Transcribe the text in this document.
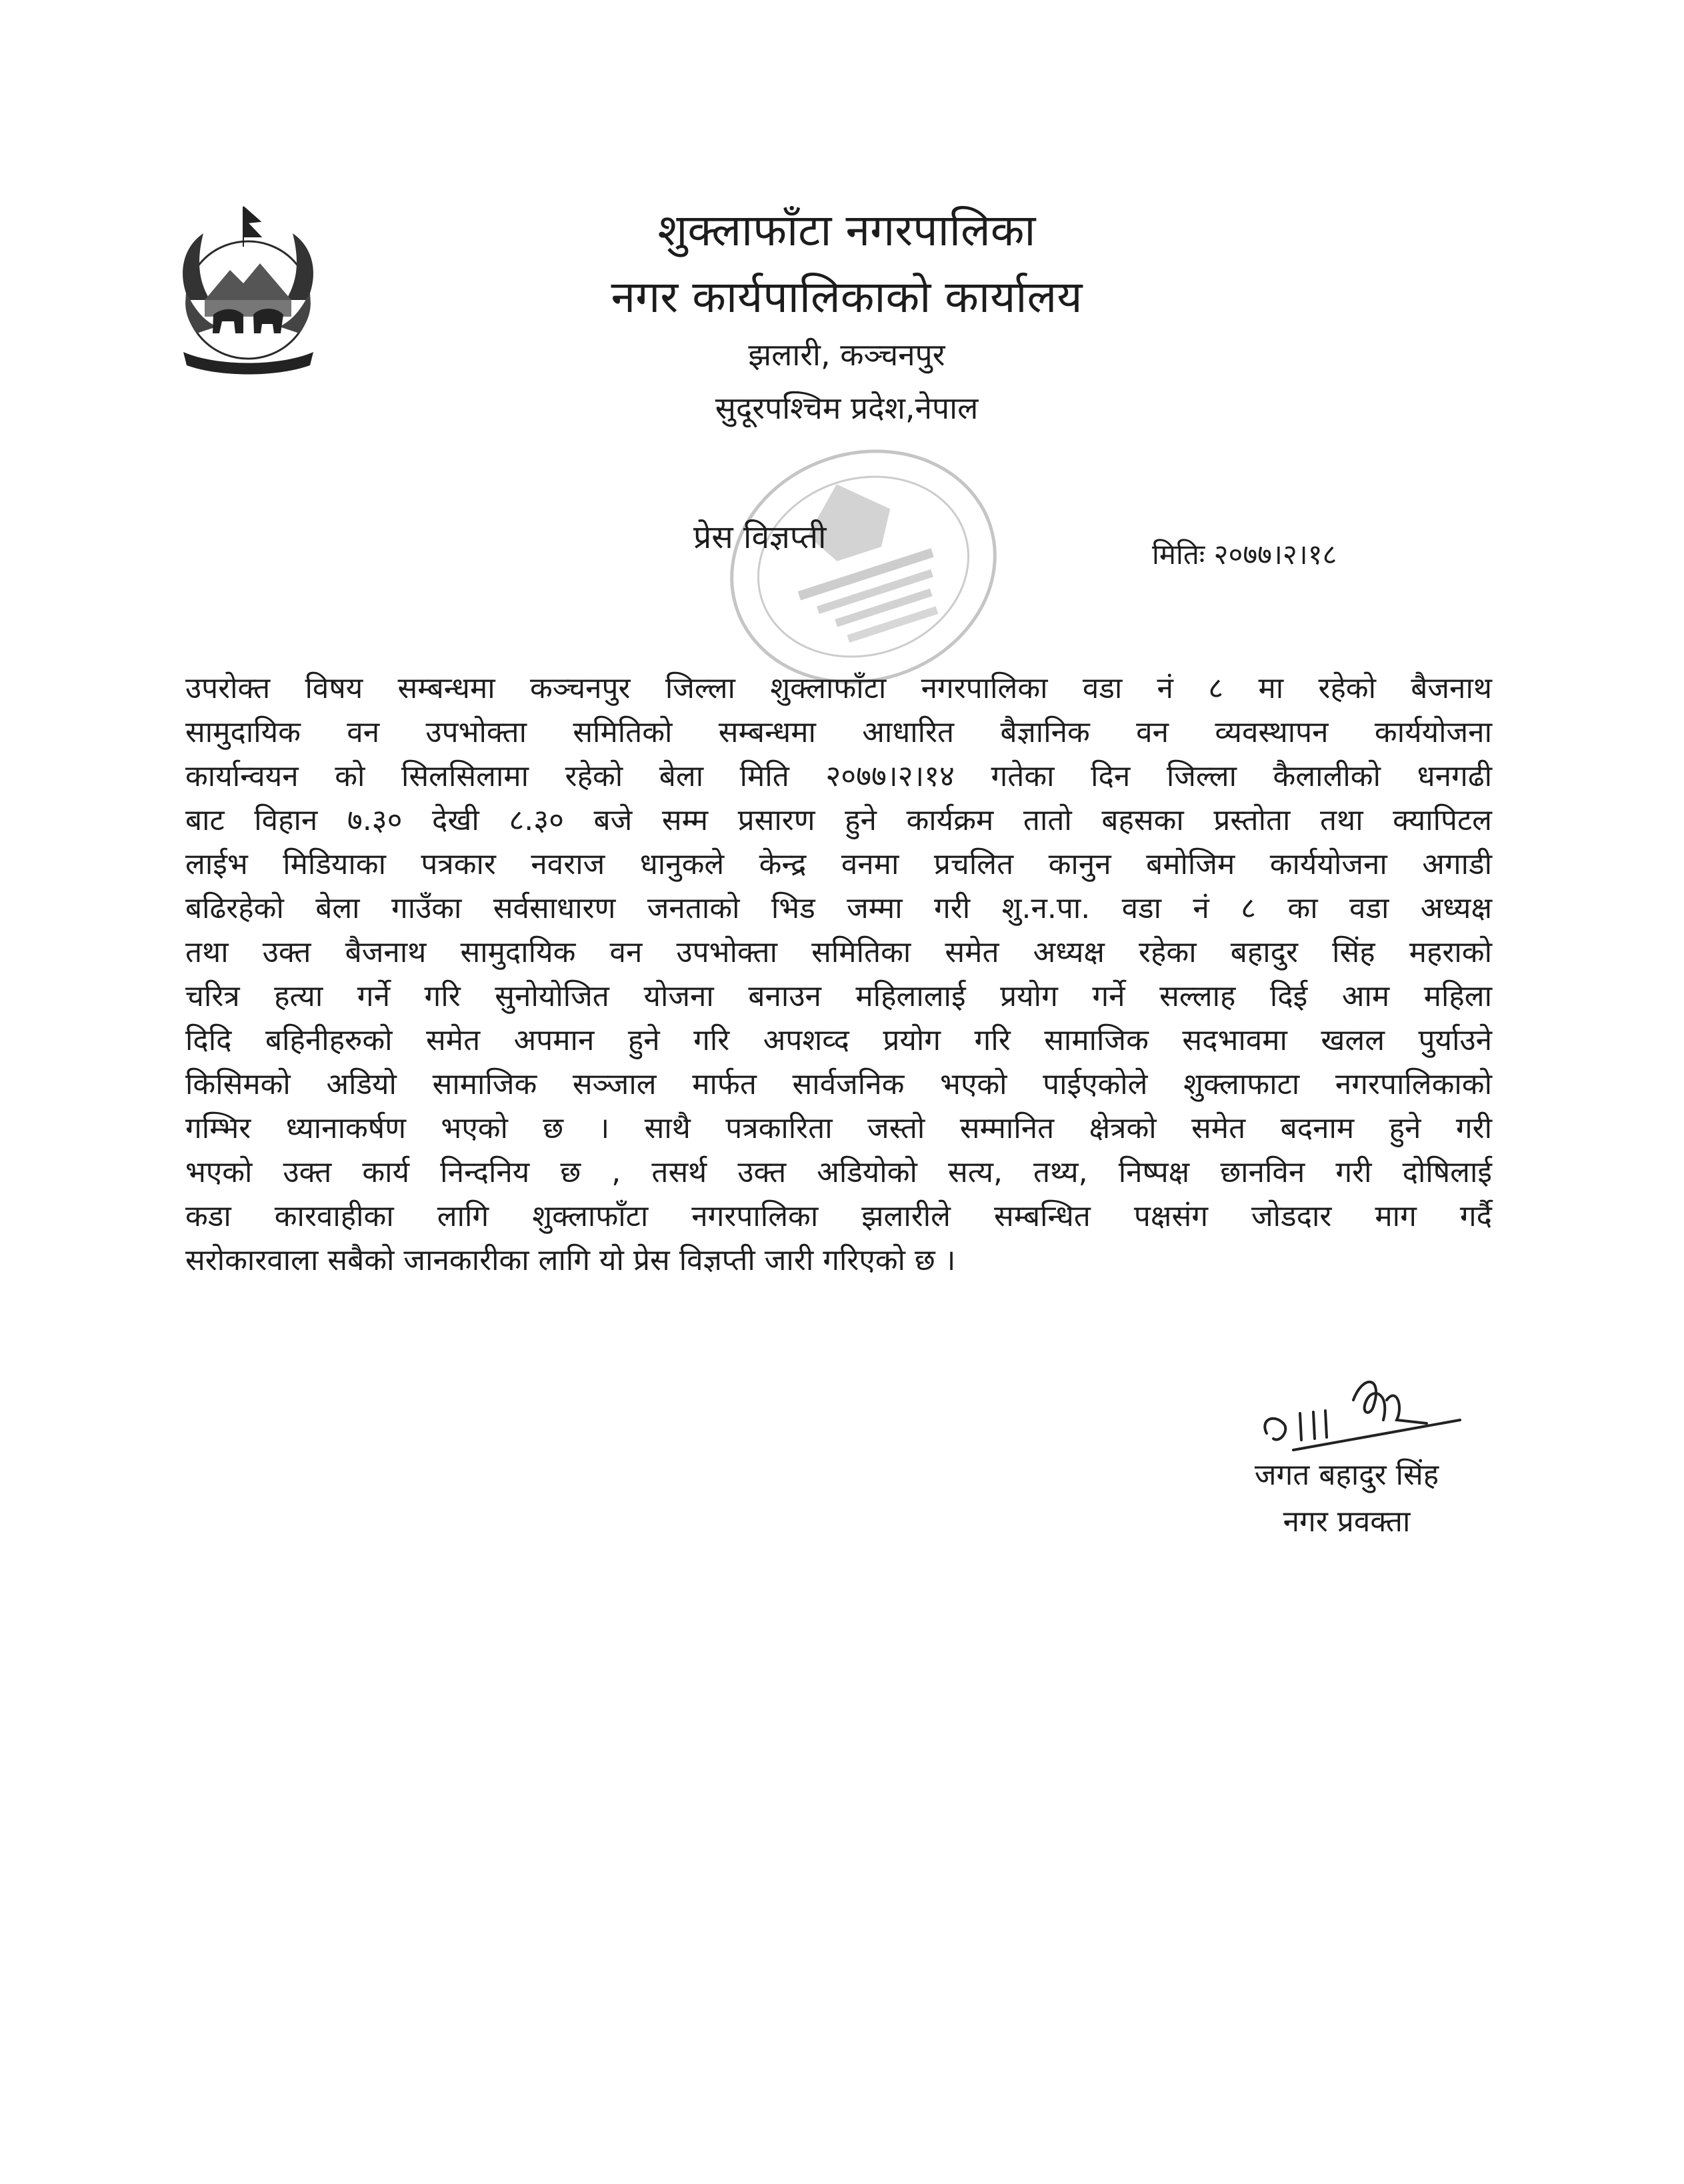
शुक्लाफाँटा नगरपालिका
नगर कार्यपालिकाको कार्यालय
झलारी, कञ्चनपुर
सुदूरपश्चिम प्रदेश,नेपाल
प्रेस विज्ञप्ती	मितिः २०७७।२।१८
उपरोक्त विषय सम्बन्धमा कञ्चनपुर जिल्ला शुक्लाफाँटा नगरपालिका वडा नं ८ मा रहेको बैजनाथ
सामुदायिक वन उपभोक्ता समितिको सम्बन्धमा आधारित बैज्ञानिक वन व्यवस्थापन कार्ययोजना
कार्यान्वयन को सिलसिलामा रहेको बेला मिति २०७७।२।१४ गतेका दिन जिल्ला कैलालीको धनगढी
बाट विहान ७.३० देखी ८.३० बजे सम्म प्रसारण हुने कार्यक्रम तातो बहसका प्रस्तोता तथा क्यापिटल
लाईभ मिडियाका पत्रकार नवराज धानुकले केन्द्र वनमा प्रचलित कानुन बमोजिम कार्ययोजना अगाडी
बढिरहेको बेला गाउँका सर्वसाधारण जनताको भिड जम्मा गरी शु.न.पा. वडा नं ८ का वडा अध्यक्ष
तथा उक्त बैजनाथ सामुदायिक वन उपभोक्ता समितिका समेत अध्यक्ष रहेका बहादुर सिंह महराको
चरित्र हत्या गर्ने गरि सुनोयोजित योजना बनाउन महिलालाई प्रयोग गर्ने सल्लाह दिई आम महिला
दिदि बहिनीहरुको समेत अपमान हुने गरि अपशव्द प्रयोग गरि सामाजिक सदभावमा खलल पुर्याउने
किसिमको अडियो सामाजिक सञ्जाल मार्फत सार्वजनिक भएको पाईएकोले शुक्लाफाटा नगरपालिकाको
गम्भिर ध्यानाकर्षण भएको छ । साथै पत्रकारिता जस्तो सम्मानित क्षेत्रको समेत बदनाम हुने गरी
भएको उक्त कार्य निन्दनिय छ , तसर्थ उक्त अडियोको सत्य, तथ्य, निष्पक्ष छानविन गरी दोषिलाई
कडा कारवाहीका लागि शुक्लाफाँटा नगरपालिका झलारीले सम्बन्धित पक्षसंग जोडदार माग गर्दै
सरोकारवाला सबैको जानकारीका लागि यो प्रेस विज्ञप्ती जारी गरिएको छ ।
जगत बहादुर सिंह
नगर प्रवक्ता
